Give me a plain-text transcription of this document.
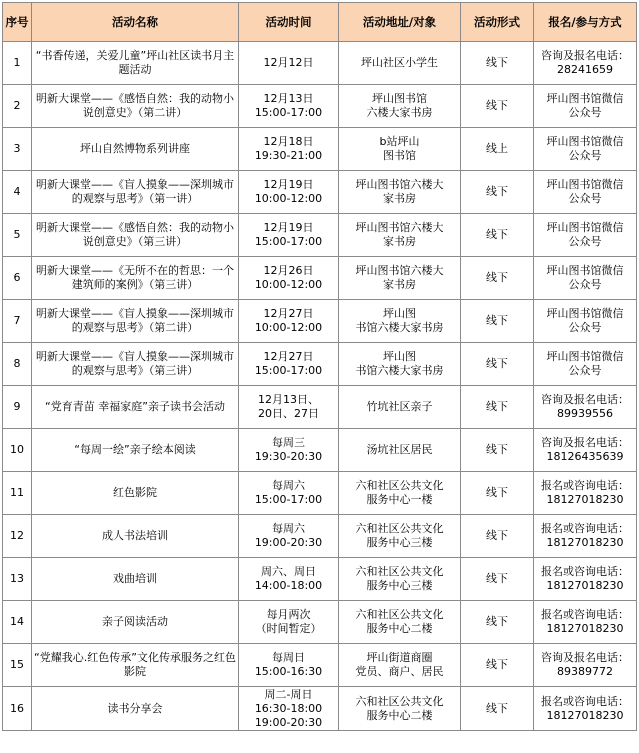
序号	活动名称	活动时间	活动地址/对象	活动形式	报名/参与方式
1	“书香传递，关爱儿童”坪山社区读书月主题活动	12月12日	坪山社区小学生	线下	咨询及报名电话：
28241659

2	明新大课堂——《感悟自然：我的动物小说创意史》（第二讲）	12月13日
15:00-17:00	坪山图书馆
六楼大家书房	线下	坪山图书馆微信
公众号

3	坪山自然博物系列讲座	12月18日
19:30-21:00	b站坪山
图书馆	线上	坪山图书馆微信
公众号

4	明新大课堂——《盲人摸象——深圳城市的观察与思考》（第一讲）	12月19日
10:00-12:00	坪山图书馆六楼大
家书房	线下	坪山图书馆微信
公众号

5	明新大课堂——《感悟自然：我的动物小说创意史》（第三讲）	12月19日
15:00-17:00	坪山图书馆六楼大
家书房	线下	坪山图书馆微信
公众号

6	明新大课堂——《无所不在的哲思：一个建筑师的案例》（第三讲）	12月26日
10:00-12:00	坪山图书馆六楼大
家书房	线下	坪山图书馆微信
公众号

7	明新大课堂——《盲人摸象——深圳城市的观察与思考》（第二讲）	12月27日
10:00-12:00	坪山图
书馆六楼大家书房	线下	坪山图书馆微信
公众号

8	明新大课堂——《盲人摸象——深圳城市的观察与思考》（第三讲）	12月27日
15:00-17:00	坪山图
书馆六楼大家书房	线下	坪山图书馆微信
公众号

9	“党育青苗 幸福家庭”亲子读书会活动	12月13日、
20日、27日	竹坑社区亲子	线下	咨询及报名电话：
89939556

10	“每周一绘”亲子绘本阅读	每周三
19:30-20:30	汤坑社区居民	线下	咨询及报名电话：
18126435639

11	红色影院	每周六
15:00-17:00	六和社区公共文化
服务中心一楼	线下	报名或咨询电话：
18127018230

12	成人书法培训	每周六
19:00-20:30	六和社区公共文化
服务中心三楼	线下	报名或咨询电话：
18127018230

13	戏曲培训	周六、周日
14:00-18:00	六和社区公共文化
服务中心三楼	线下	报名或咨询电话：
18127018230

14	亲子阅读活动	每月两次
（时间暂定）	六和社区公共文化
服务中心二楼	线下	报名或咨询电话：
18127018230

15	“党耀我心.红色传承”文化传承服务之红色影院	每周日
15:00-16:30	坪山街道商圈
党员、商户、居民	线下	咨询及报名电话：
89389772

16	读书分享会	周二-周日
16:30-18:00
19:00-20:30	六和社区公共文化
服务中心二楼	线下	报名或咨询电话：
18127018230
